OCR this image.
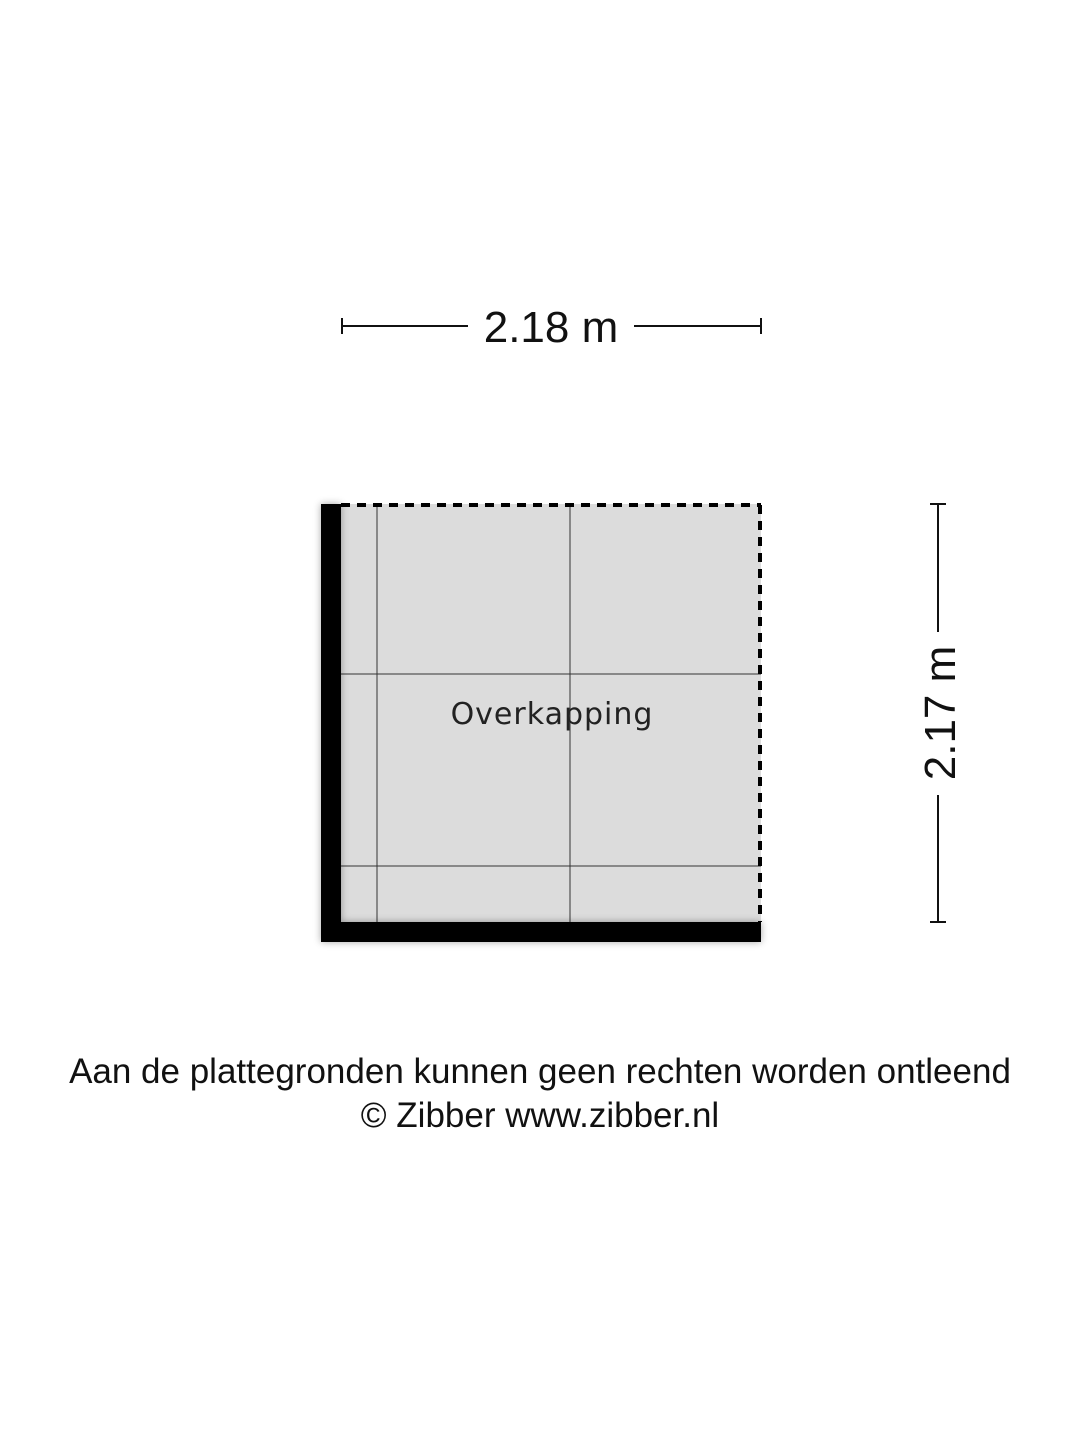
2.18 m
2.17 m
Overkapping
Aan de plattegronden kunnen geen rechten worden ontleend
© Zibber www.zibber.nl
